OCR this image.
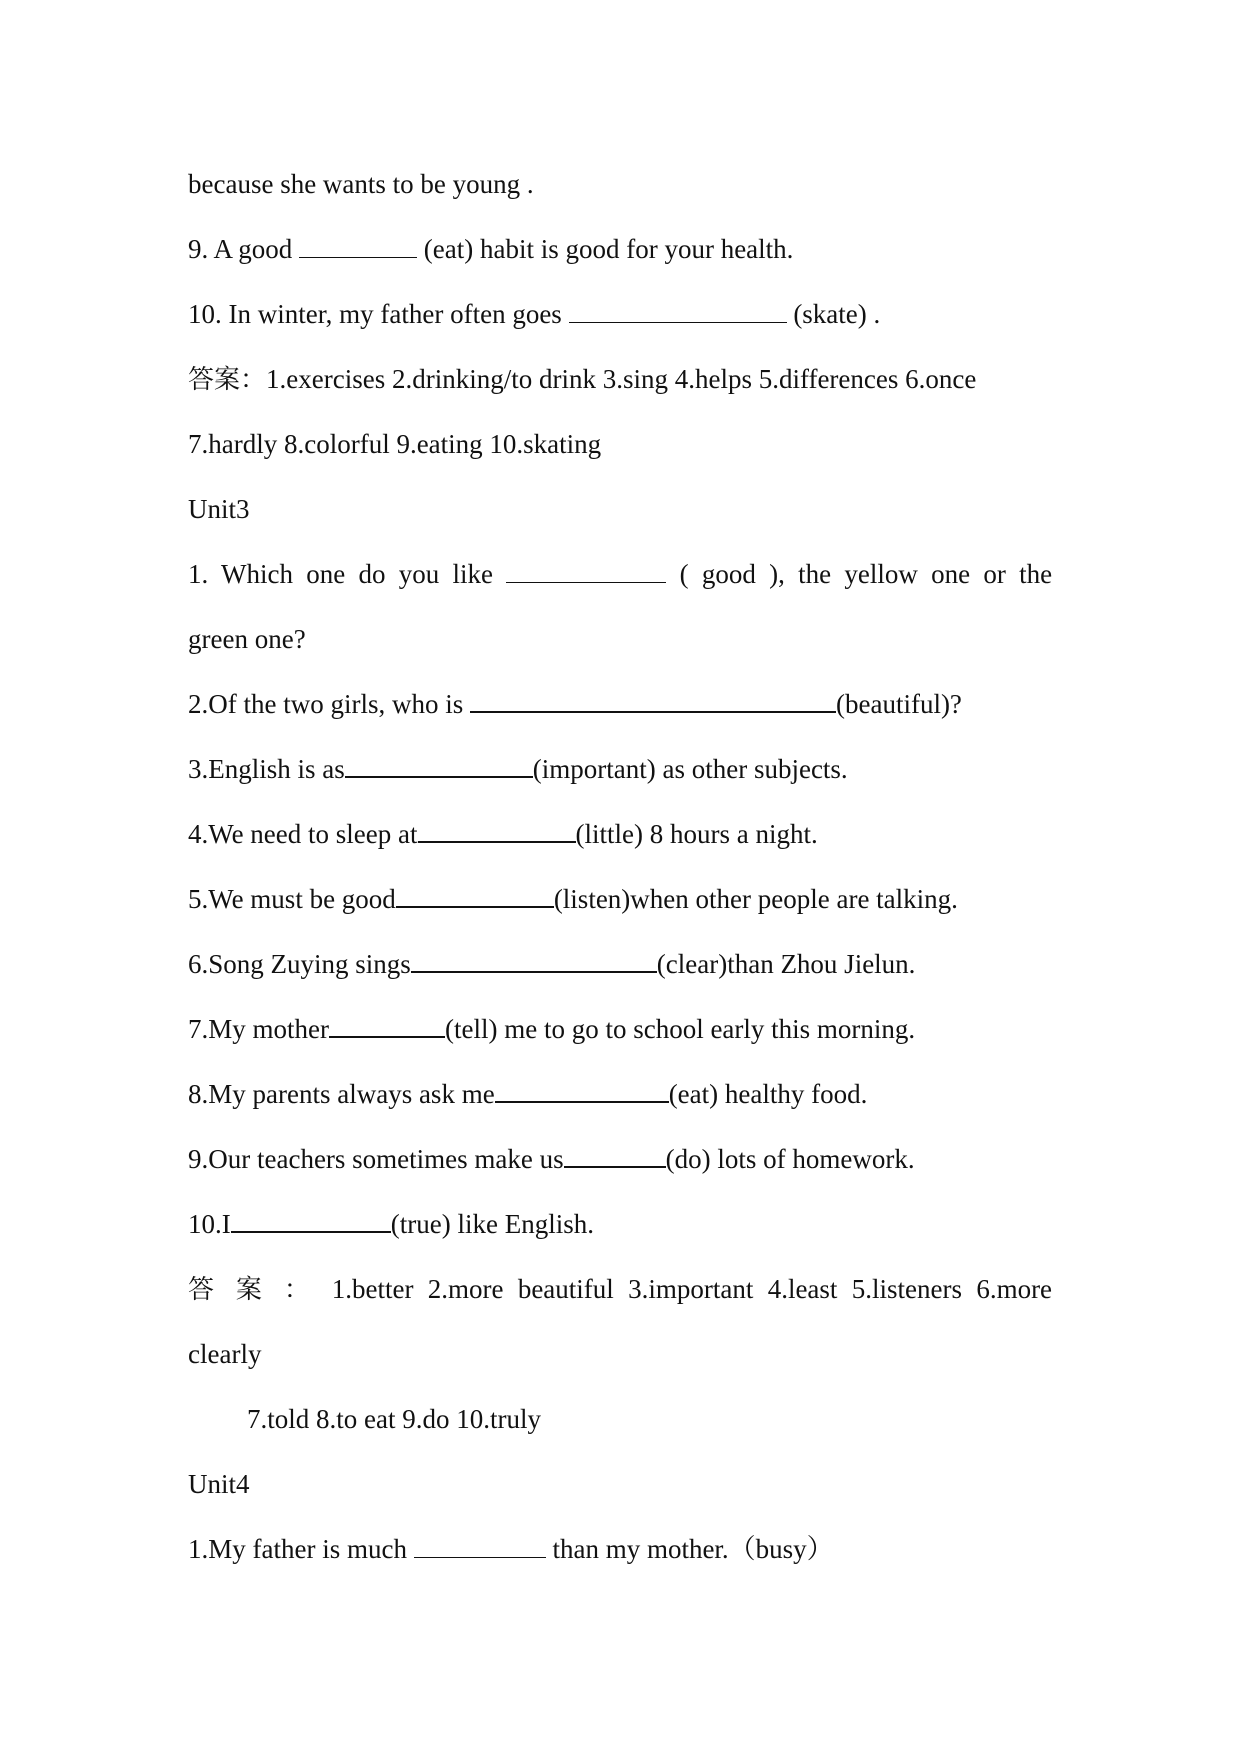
because she wants to be young .
9. A good	(eat) habit is good for your health.
10. In winter, my father often goes	(skate) .
答案：1.exercises 2.drinking/to drink 3.sing 4.helps 5.differences 6.once
7.hardly 8.colorful 9.eating 10.skating
Unit3
1. Which one do you like	( good ), the yellow one or the
green one?
2.Of the two girls, who is	(beautiful)?
3.English is as	(important) as other subjects.
4.We need to sleep at	(little) 8 hours a night.
5.We must be good	(listen)when other people are talking.
6.Song Zuying sings	(clear)than Zhou Jielun.
7.My mother	(tell) me to go to school early this morning.
8.My parents always ask me	(eat) healthy food.
9.Our teachers sometimes make us	(do) lots of homework.
10.I	(true) like English.
答 案 ： 1.better 2.more beautiful 3.important 4.least 5.listeners 6.more
clearly
7.told 8.to eat 9.do 10.truly
Unit4
1.My father is much	than my mother.（busy）
